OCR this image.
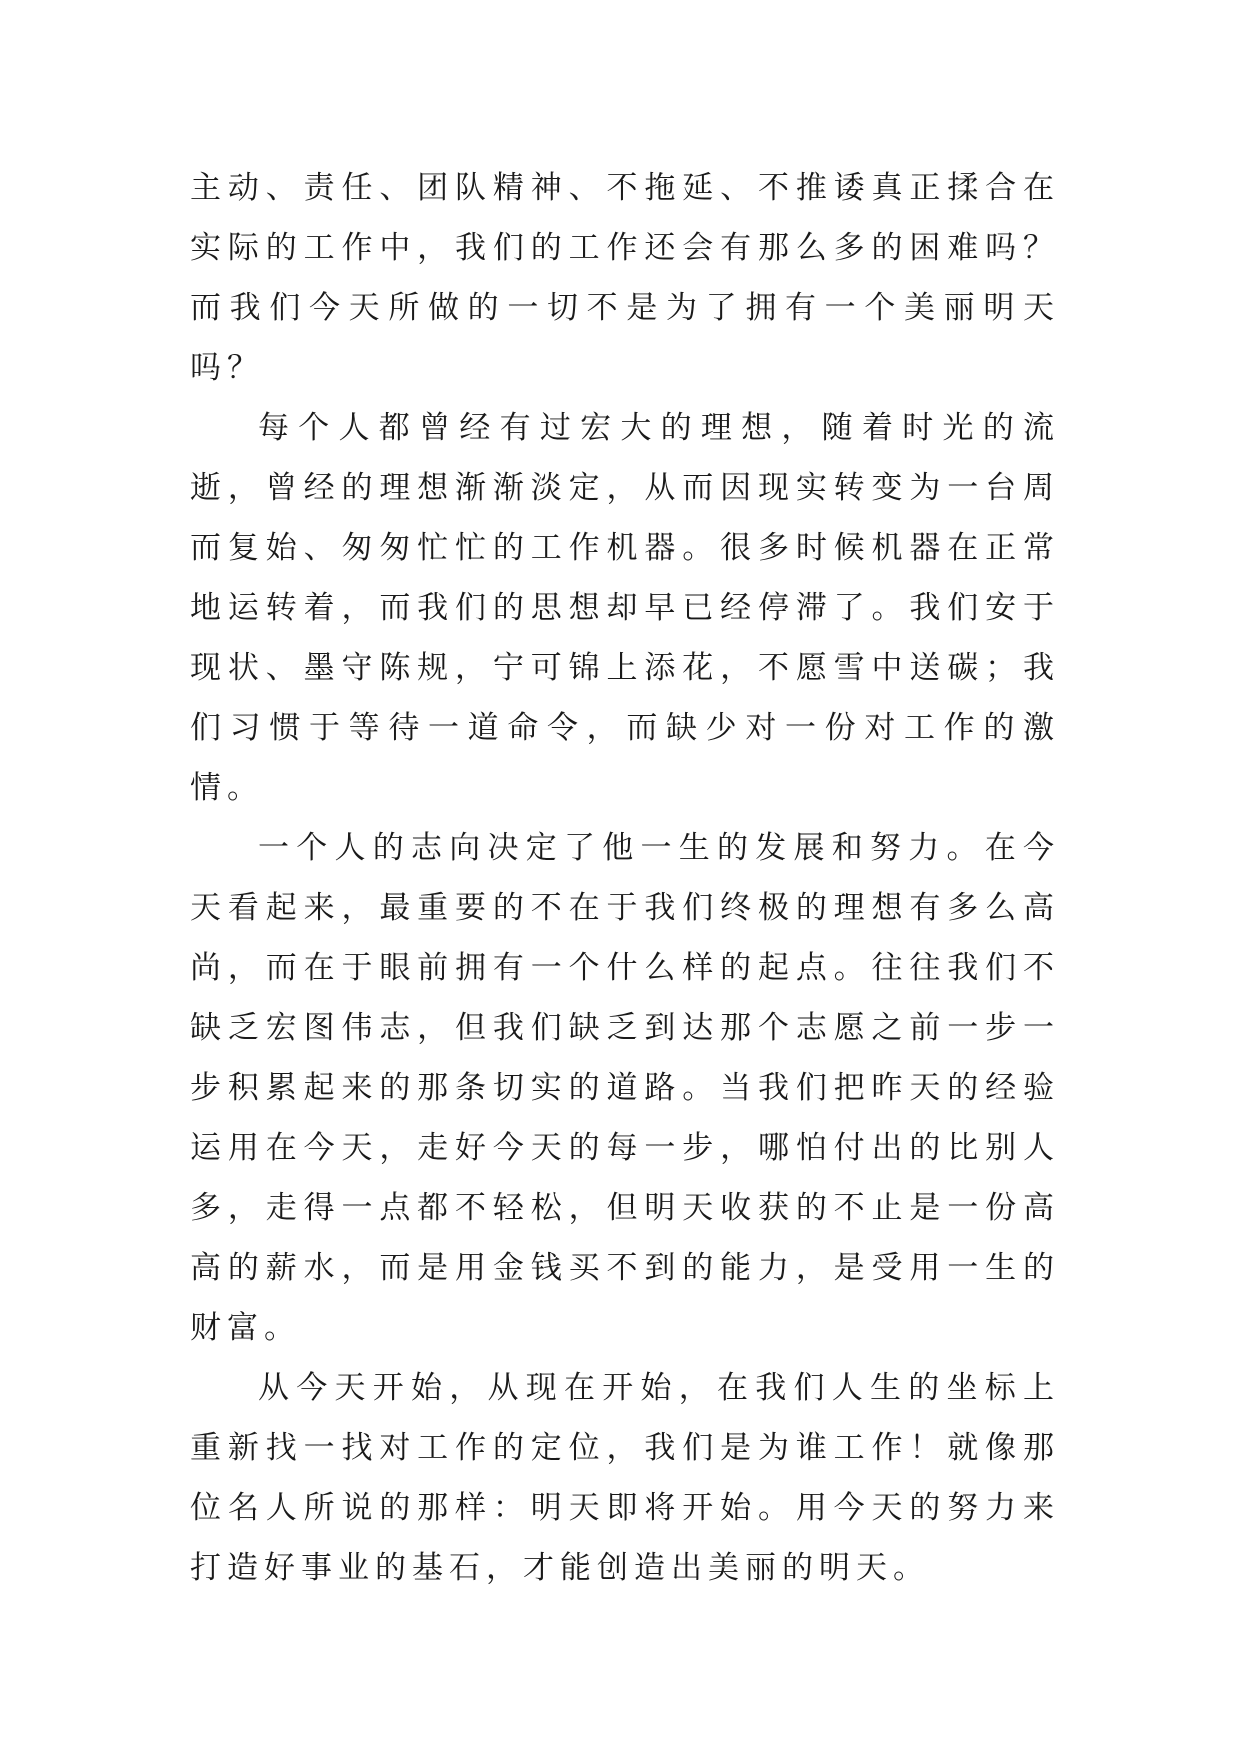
主动、责任、团队精神、不拖延、不推诿真正揉合在实际的工作中，我们的工作还会有那么多的困难吗？而我们今天所做的一切不是为了拥有一个美丽明天吗？

每个人都曾经有过宏大的理想，随着时光的流逝，曾经的理想渐渐淡定，从而因现实转变为一台周而复始、匆匆忙忙的工作机器。很多时候机器在正常地运转着，而我们的思想却早已经停滞了。我们安于现状、墨守陈规，宁可锦上添花，不愿雪中送碳；我们习惯于等待一道命令，而缺少对一份对工作的激情。

一个人的志向决定了他一生的发展和努力。在今天看起来，最重要的不在于我们终极的理想有多么高尚，而在于眼前拥有一个什么样的起点。往往我们不缺乏宏图伟志，但我们缺乏到达那个志愿之前一步一步积累起来的那条切实的道路。当我们把昨天的经验运用在今天，走好今天的每一步，哪怕付出的比别人多，走得一点都不轻松，但明天收获的不止是一份高高的薪水，而是用金钱买不到的能力，是受用一生的财富。

从今天开始，从现在开始，在我们人生的坐标上重新找一找对工作的定位，我们是为谁工作！就像那位名人所说的那样：明天即将开始。用今天的努力来打造好事业的基石，才能创造出美丽的明天。
